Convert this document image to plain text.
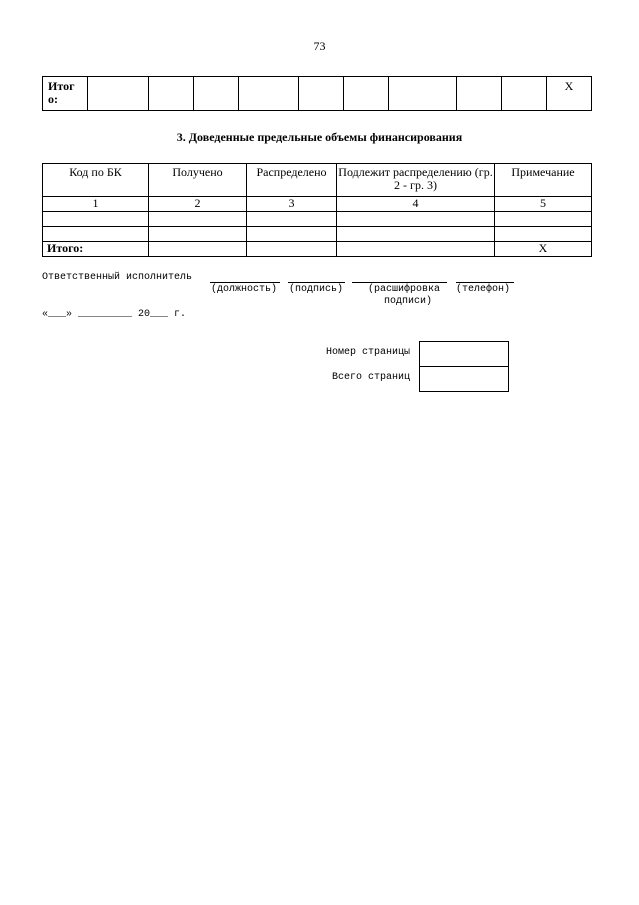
73
Итог о:										X
3. Доведенные предельные объемы финансирования
Код по БК	Получено	Распределено	Подлежит распределению (гр. 2 - гр. 3)	Примечание
1	2	3	4	5

Итого:				X
Ответственный исполнитель
(должность) (подпись) (расшифровка
подписи)
(телефон)
«___» _________ 20___ г.
Номер страницы
Всего страниц
